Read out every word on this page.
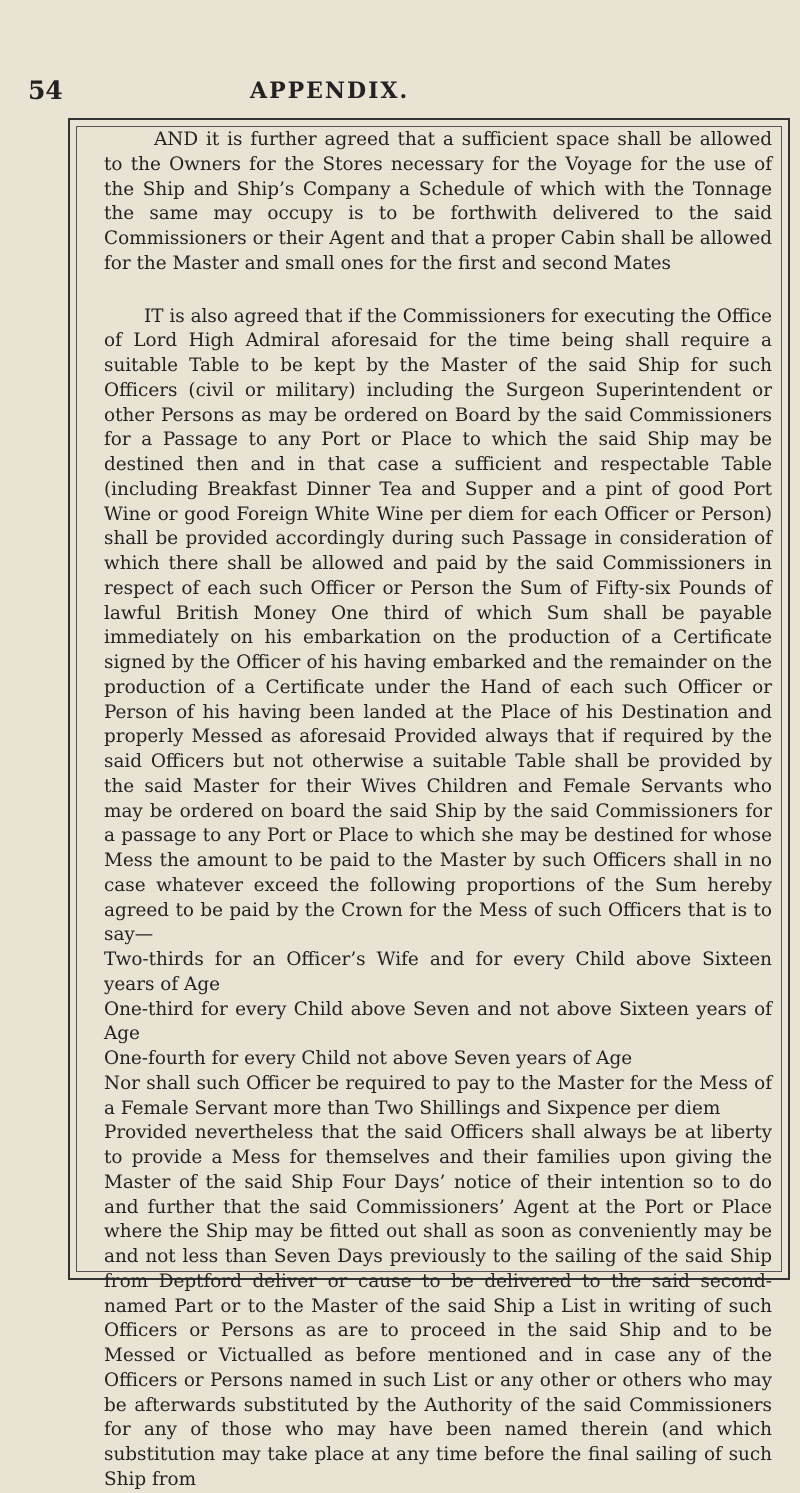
54	APPENDIX.

AND it is further agreed that a sufficient space shall be allowed to the Owners for the Stores necessary for the Voyage for the use of the Ship and Ship’s Company a Schedule of which with the Tonnage the same may occupy is to be forthwith delivered to the said Commissioners or their Agent and that a proper Cabin shall be allowed for the Master and small ones for the first and second Mates

IT is also agreed that if the Commissioners for executing the Office of Lord High Admiral aforesaid for the time being shall require a suitable Table to be kept by the Master of the said Ship for such Officers (civil or military) including the Surgeon Superintendent or other Persons as may be ordered on Board by the said Commissioners for a Passage to any Port or Place to which the said Ship may be destined then and in that case a sufficient and respectable Table (including Breakfast Dinner Tea and Supper and a pint of good Port Wine or good Foreign White Wine per diem for each Officer or Person) shall be provided accordingly during such Passage in consideration of which there shall be allowed and paid by the said Commissioners in respect of each such Officer or Person the Sum of Fifty-six Pounds of lawful British Money One third of which Sum shall be payable immediately on his embarkation on the production of a Certificate signed by the Officer of his having embarked and the remainder on the production of a Certificate under the Hand of each such Officer or Person of his having been landed at the Place of his Destination and properly Messed as aforesaid Provided always that if required by the said Officers but not otherwise a suitable Table shall be provided by the said Master for their Wives Children and Female Servants who may be ordered on board the said Ship by the said Commissioners for a passage to any Port or Place to which she may be destined for whose Mess the amount to be paid to the Master by such Officers shall in no case whatever exceed the following proportions of the Sum hereby agreed to be paid by the Crown for the Mess of such Officers that is to say—

Two-thirds for an Officer’s Wife and for every Child above Sixteen years of Age

One-third for every Child above Seven and not above Sixteen years of Age

One-fourth for every Child not above Seven years of Age

Nor shall such Officer be required to pay to the Master for the Mess of a Female Servant more than Two Shillings and Sixpence per diem

Provided nevertheless that the said Officers shall always be at liberty to provide a Mess for themselves and their families upon giving the Master of the said Ship Four Days’ notice of their intention so to do and further that the said Commissioners’ Agent at the Port or Place where the Ship may be fitted out shall as soon as conveniently may be and not less than Seven Days previously to the sailing of the said Ship from Deptford deliver or cause to be delivered to the said second-named Part or to the Master of the said Ship a List in writing of such Officers or Persons as are to proceed in the said Ship and to be Messed or Victualled as before mentioned and in case any of the Officers or Persons named in such List or any other or others who may be afterwards substituted by the Authority of the said Commissioners for any of those who may have been named therein (and which substitution may take place at any time before the final sailing of such Ship from
